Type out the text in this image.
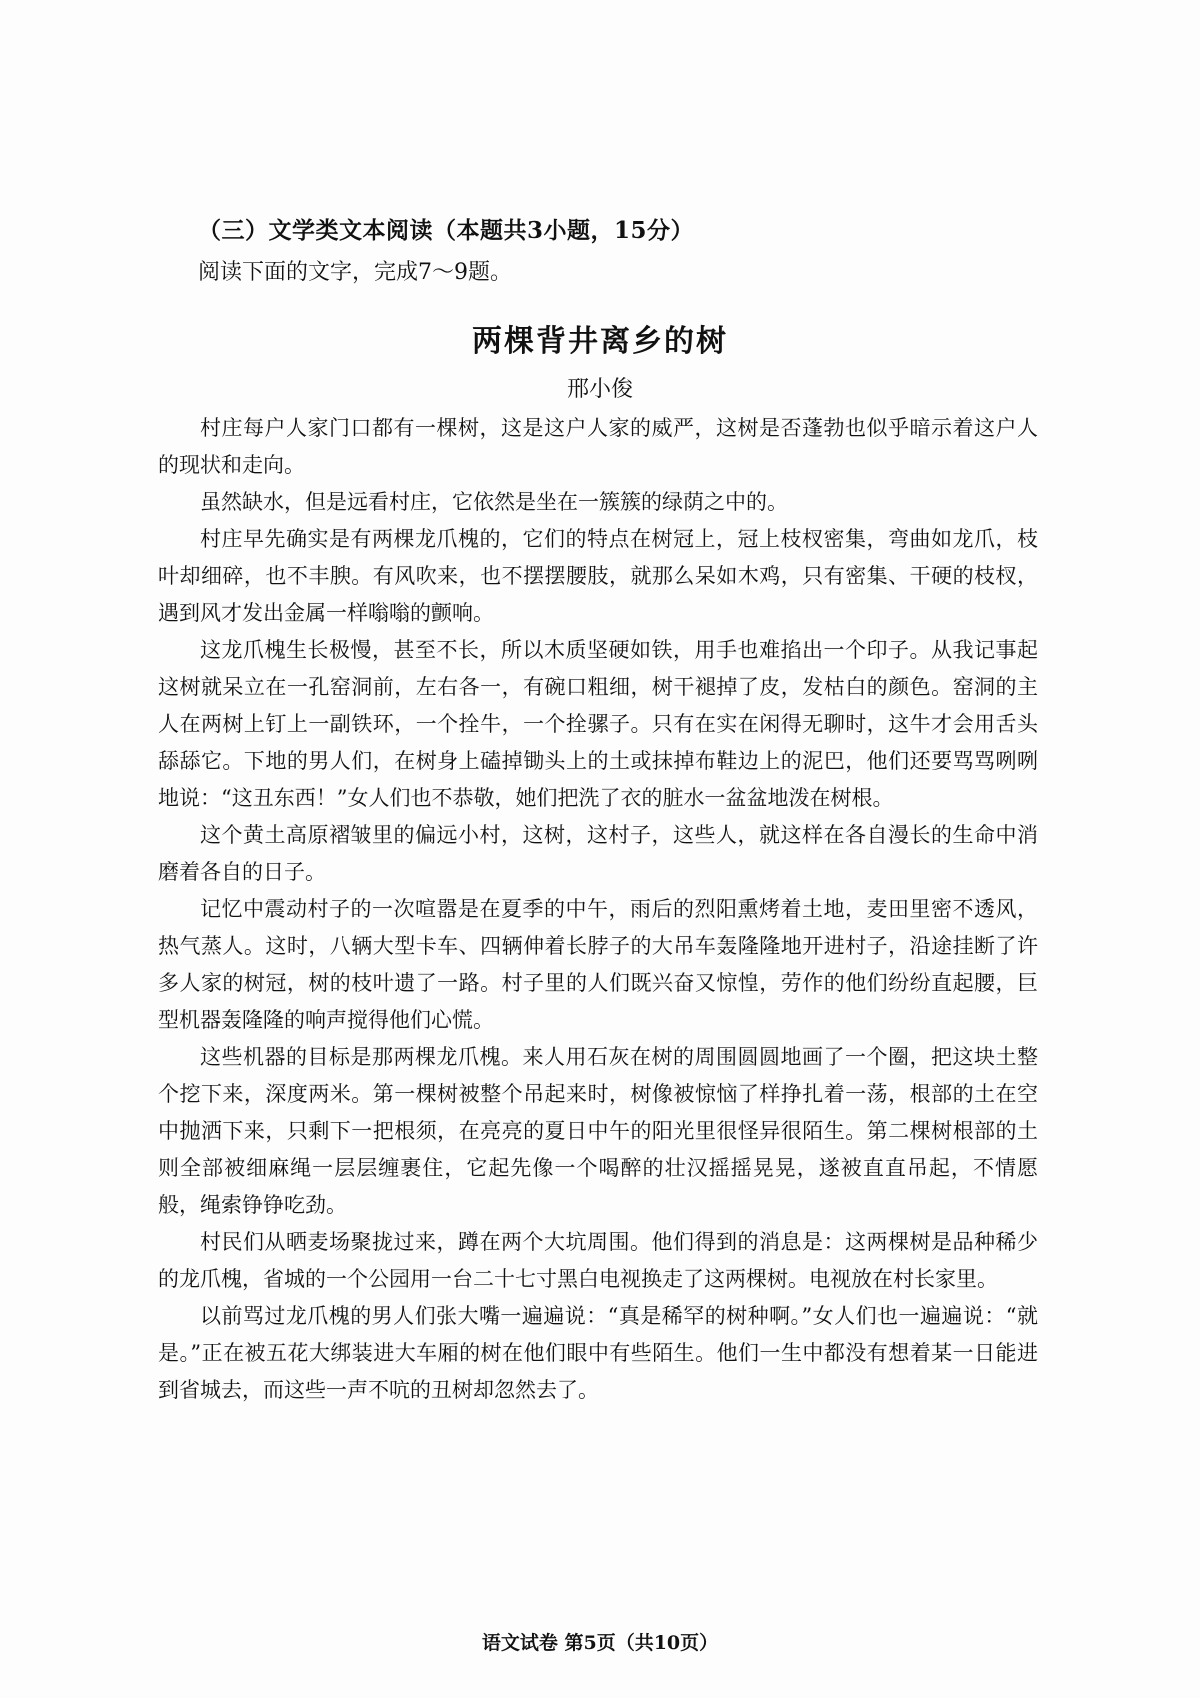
（三）文学类文本阅读（本题共3小题，15分）
阅读下面的文字，完成7～9题。
两棵背井离乡的树
邢小俊

村庄每户人家门口都有一棵树，这是这户人家的威严，这树是否蓬勃也似乎暗示着这户人的现状和走向。

虽然缺水，但是远看村庄，它依然是坐在一簇簇的绿荫之中的。

村庄早先确实是有两棵龙爪槐的，它们的特点在树冠上，冠上枝杈密集，弯曲如龙爪，枝叶却细碎，也不丰腴。有风吹来，也不摆摆腰肢，就那么呆如木鸡，只有密集、干硬的枝杈，遇到风才发出金属一样嗡嗡的颤响。

这龙爪槐生长极慢，甚至不长，所以木质坚硬如铁，用手也难掐出一个印子。从我记事起这树就呆立在一孔窑洞前，左右各一，有碗口粗细，树干褪掉了皮，发枯白的颜色。窑洞的主人在两树上钉上一副铁环，一个拴牛，一个拴骡子。只有在实在闲得无聊时，这牛才会用舌头舔舔它。下地的男人们，在树身上磕掉锄头上的土或抹掉布鞋边上的泥巴，他们还要骂骂咧咧地说：“这丑东西！”女人们也不恭敬，她们把洗了衣的脏水一盆盆地泼在树根。

这个黄土高原褶皱里的偏远小村，这树，这村子，这些人，就这样在各自漫长的生命中消磨着各自的日子。

记忆中震动村子的一次喧嚣是在夏季的中午，雨后的烈阳熏烤着土地，麦田里密不透风，热气蒸人。这时，八辆大型卡车、四辆伸着长脖子的大吊车轰隆隆地开进村子，沿途挂断了许多人家的树冠，树的枝叶遗了一路。村子里的人们既兴奋又惊惶，劳作的他们纷纷直起腰，巨型机器轰隆隆的响声搅得他们心慌。

这些机器的目标是那两棵龙爪槐。来人用石灰在树的周围圆圆地画了一个圈，把这块土整个挖下来，深度两米。第一棵树被整个吊起来时，树像被惊恼了样挣扎着一荡，根部的土在空中抛洒下来，只剩下一把根须，在亮亮的夏日中午的阳光里很怪异很陌生。第二棵树根部的土则全部被细麻绳一层层缠裹住，它起先像一个喝醉的壮汉摇摇晃晃，遂被直直吊起，不情愿般，绳索铮铮吃劲。

村民们从晒麦场聚拢过来，蹲在两个大坑周围。他们得到的消息是：这两棵树是品种稀少的龙爪槐，省城的一个公园用一台二十七寸黑白电视换走了这两棵树。电视放在村长家里。

以前骂过龙爪槐的男人们张大嘴一遍遍说：“真是稀罕的树种啊。”女人们也一遍遍说：“就是。”正在被五花大绑装进大车厢的树在他们眼中有些陌生。他们一生中都没有想着某一日能进到省城去，而这些一声不吭的丑树却忽然去了。

语文试卷 第5页（共10页）
